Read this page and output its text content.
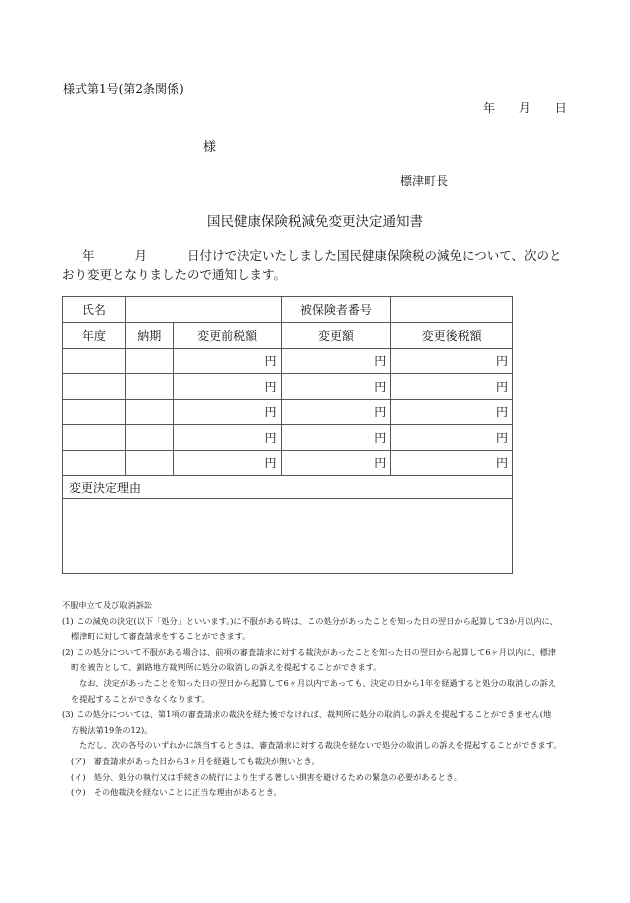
様式第1号(第2条関係)
年 月 日
様
標津町長
国民健康保険税減免変更決定通知書
年	月	日付けで決定いたしました国民健康保険税の減免について、次のとおり変更となりましたので通知します。
氏名			被保険者番号	
年度	納期	変更前税額	変更額	変更後税額
		円	円	円
		円	円	円
		円	円	円
		円	円	円
		円	円	円
変更決定理由				

不服申立て及び取消訴訟

(1) この減免の決定(以下「処分」といいます。)に不服がある時は、この処分があったことを知った日の翌日から起算して3か月以内に、

標津町に対して審査請求をすることができます。

(2) この処分について不服がある場合は、前項の審査請求に対する裁決があったことを知った日の翌日から起算して6ヶ月以内に、標津

町を被告として、釧路地方裁判所に処分の取消しの訴えを提起することができます。

なお、決定があったことを知った日の翌日から起算して6ヶ月以内であっても、決定の日から1年を経過すると処分の取消しの訴え

を提起することができなくなります。

(3) この処分については、第1項の審査請求の裁決を経た後でなければ、裁判所に処分の取消しの訴えを提起することができません(地

方税法第19条の12)。

ただし、次の各号のいずれかに該当するときは、審査請求に対する裁決を経ないで処分の取消しの訴えを提起することができます。

(ア)　審査請求があった日から3ヶ月を経過しても裁決が無いとき。

(イ)　処分、処分の執行又は手続きの続行により生ずる著しい損害を避けるための緊急の必要があるとき。

(ウ)　その他裁決を経ないことに正当な理由があるとき。
